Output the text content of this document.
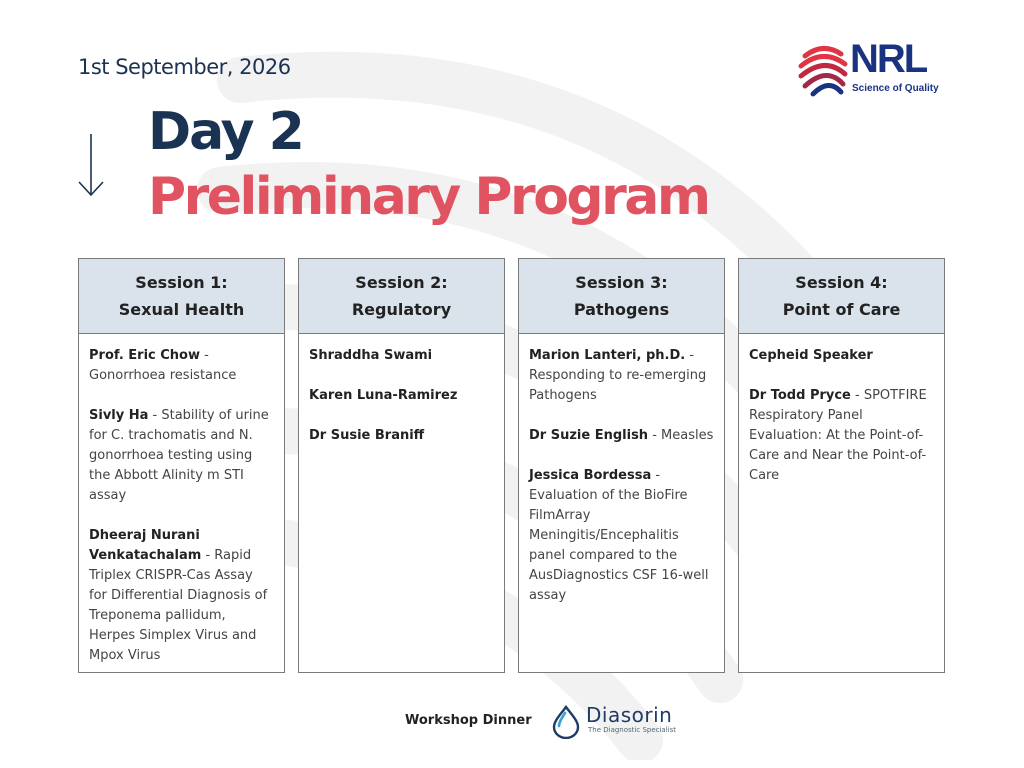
1st September, 2026
Day 2
Preliminary Program
NRL
Science of Quality
Session 1:
Sexual Health
Prof. Eric Chow - Gonorrhoea resistance
Sivly Ha - Stability of urine for C. trachomatis and N. gonorrhoea testing using the Abbott Alinity m STI assay
Dheeraj Nurani Venkatachalam - Rapid Triplex CRISPR-Cas Assay for Differential Diagnosis of Treponema pallidum, Herpes Simplex Virus and Mpox Virus
Session 2:
Regulatory
Shraddha Swami
Karen Luna-Ramirez
Dr Susie Braniff
Session 3:
Pathogens
Marion Lanteri, ph.D. - Responding to re-emerging Pathogens
Dr Suzie English - Measles
Jessica Bordessa - Evaluation of the BioFire FilmArray Meningitis/Encephalitis panel compared to the AusDiagnostics CSF 16-well assay
Session 4:
Point of Care
Cepheid Speaker
Dr Todd Pryce - SPOTFIRE Respiratory Panel Evaluation: At the Point-of-Care and Near the Point-of-Care
Workshop Dinner	Diasorin
The Diagnostic Specialist
